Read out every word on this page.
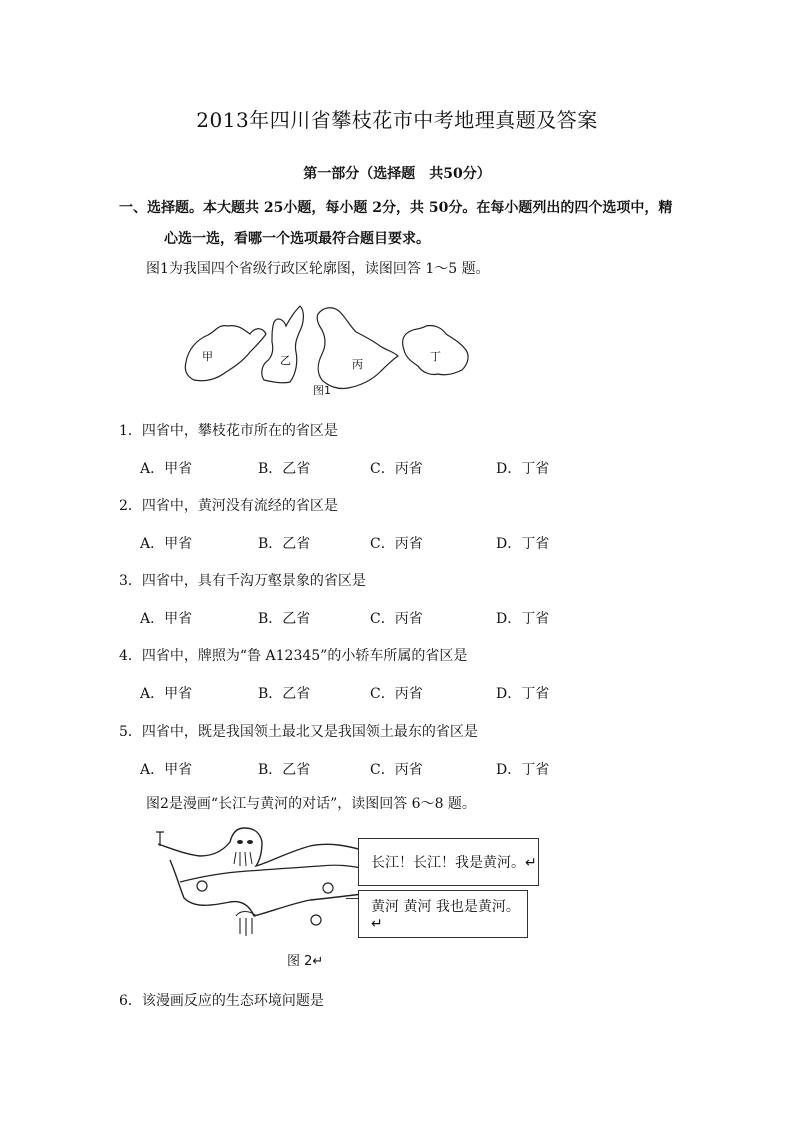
2013年四川省攀枝花市中考地理真题及答案
第一部分（选择题　共50分）
一、选择题。本大题共 25小题，每小题 2分，共 50分。在每小题列出的四个选项中，精
心选一选，看哪一个选项最符合题目要求。
图1为我国四个省级行政区轮廓图，读图回答 1～5 题。
甲	乙	丙
丁
图1
1．四省中，攀枝花市所在的省区是
A．甲省	B．乙省	C．丙省	D．丁省
2．四省中，黄河没有流经的省区是
A．甲省	B．乙省	C．丙省	D．丁省
3．四省中，具有千沟万壑景象的省区是
A．甲省	B．乙省	C．丙省	D．丁省
4．四省中，牌照为“鲁 A12345”的小轿车所属的省区是
A．甲省	B．乙省	C．丙省	D．丁省
5．四省中，既是我国领土最北又是我国领土最东的省区是
A．甲省	B．乙省	C．丙省	D．丁省
图2是漫画“长江与黄河的对话”，读图回答 6～8 题。
长江！长江！我是黄河。↵
黄河 黄河 我也是黄河。↵
图 2↵
6．该漫画反应的生态环境问题是
